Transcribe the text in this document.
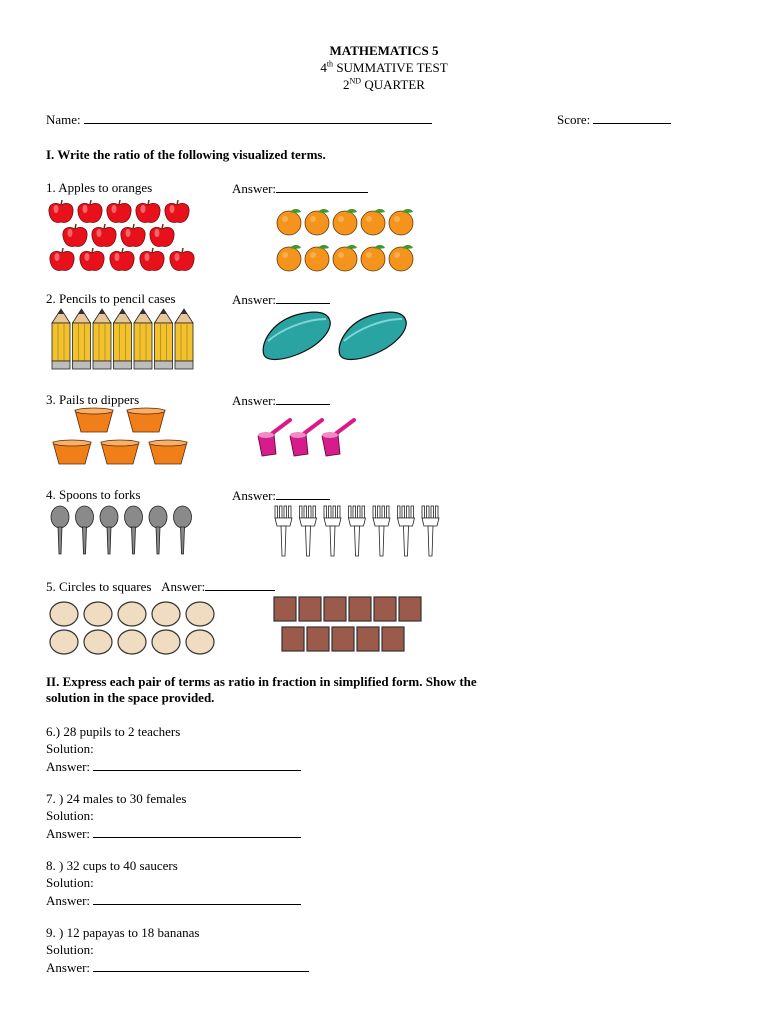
MATHEMATICS 5
4th SUMMATIVE TEST
2ND QUARTER
Name:	Score:
I. Write the ratio of the following visualized terms.
1. Apples to oranges	Answer:
2. Pencils to pencil cases	Answer:
3. Pails to dippers	Answer:
4. Spoons to forks	Answer:
5. Circles to squares Answer:
II. Express each pair of terms as ratio in fraction in simplified form. Show the
solution in the space provided.
6.) 28 pupils to 2 teachers
Solution:
Answer:
7. ) 24 males to 30 females
Solution:
Answer:
8. ) 32 cups to 40 saucers
Solution:
Answer:
9. ) 12 papayas to 18 bananas
Solution:
Answer:
